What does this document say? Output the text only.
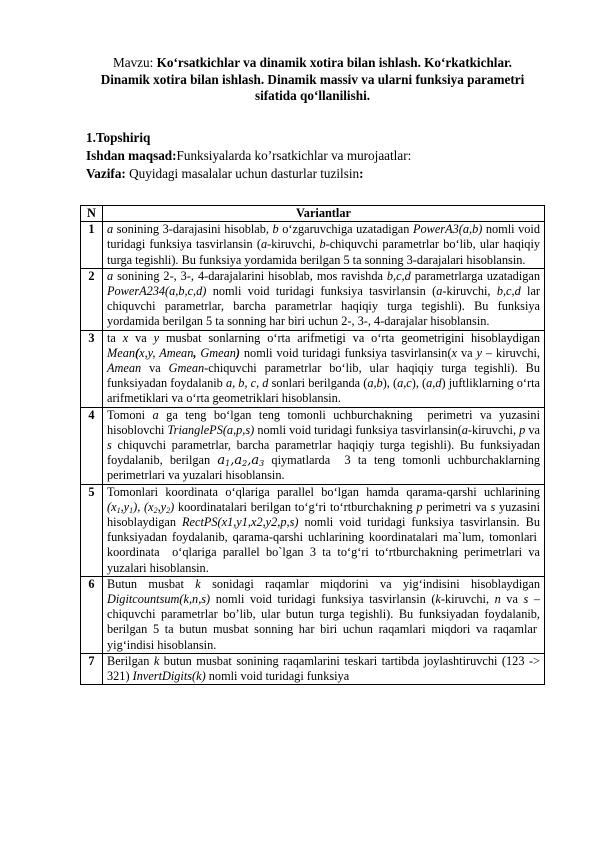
Mavzu: Ko‘rsatkichlar va dinamik xotira bilan ishlash. Ko‘rkatkichlar.
Dinamik xotira bilan ishlash. Dinamik massiv va ularni funksiya parametri
sifatida qo‘llanilishi.
1.Topshiriq
Ishdan maqsad:Funksiyalarda ko’rsatkichlar va murojaatlar:
Vazifa: Quyidagi masalalar uchun dasturlar tuzilsin:
N	Variantlar
1	a sonining 3-darajasini hisoblab, b o‘zgaruvchiga uzatadigan PowerA3(a,b) nomli void turidagi funksiya tasvirlansin (a-kiruvchi, b-chiquvchi parametrlar bo‘lib, ular haqiqiy turga tegishli). Bu funksiya yordamida berilgan 5 ta sonning 3-darajalari hisoblansin.
2	a sonining 2-, 3-, 4-darajalarini hisoblab, mos ravishda b,c,d parametrlarga uzatadigan PowerA234(a,b,c,d) nomli void turidagi funksiya tasvirlansin (a-kiruvchi, b,c,d lar chiquvchi parametrlar, barcha parametrlar haqiqiy turga tegishli). Bu funksiya yordamida berilgan 5 ta sonning har biri uchun 2-, 3-, 4-darajalar hisoblansin.
3	ta x va y musbat sonlarning o‘rta arifmetigi va o‘rta geometrigini hisoblaydigan Mean(x,y, Amean, Gmean) nomli void turidagi funksiya tasvirlansin(x va y – kiruvchi, Amean va Gmean-chiquvchi parametrlar bo‘lib, ular haqiqiy turga tegishli). Bu funksiyadan foydalanib a, b, c, d sonlari berilganda (a,b), (a,c), (a,d) juftliklarning o‘rta arifmetiklari va o‘rta geometriklari hisoblansin.
4	Tomoni a ga teng bo‘lgan teng tomonli uchburchakning  perimetri va yuzasini hisoblovchi TrianglePS(a,p,s) nomli void turidagi funksiya tasvirlansin(a-kiruvchi, p va s chiquvchi parametrlar, barcha parametrlar haqiqiy turga tegishli). Bu funksiyadan foydalanib, berilgan $a_1,a_2,a_3$ qiymatlarda  3 ta teng tomonli uchburchaklarning perimetrlari va yuzalari hisoblansin.
5	Tomonlari koordinata o‘qlariga parallel bo‘lgan hamda qarama-qarshi uchlarining $(x_1,y_1)$, $(x_2,y_2)$ koordinatalari berilgan to‘g‘ri to‘rtburchakning p perimetri va s yuzasini hisoblaydigan RectPS(x1,y1,x2,y2,p,s) nomli void turidagi funksiya tasvirlansin. Bu funksiyadan foydalanib, qarama-qarshi uchlarining koordinatalari ma`lum, tomonlari  koordinata  o‘qlariga parallel bo`lgan 3 ta to‘g‘ri to‘rtburchakning perimetrlari va yuzalari hisoblansin.
6	Butun musbat k sonidagi raqamlar miqdorini va yig‘indisini hisoblaydigan Digitcountsum(k,n,s) nomli void turidagi funksiya tasvirlansin (k-kiruvchi, n va s – chiquvchi parametrlar bo’lib, ular butun turga tegishli). Bu funksiyadan foydalanib, berilgan 5 ta butun musbat sonning har biri uchun raqamlari miqdori va raqamlar  yig‘indisi hisoblansin.
7	Berilgan k butun musbat sonining raqamlarini teskari tartibda joylashtiruvchi (123 -> 321) InvertDigits(k) nomli void turidagi funksiya
